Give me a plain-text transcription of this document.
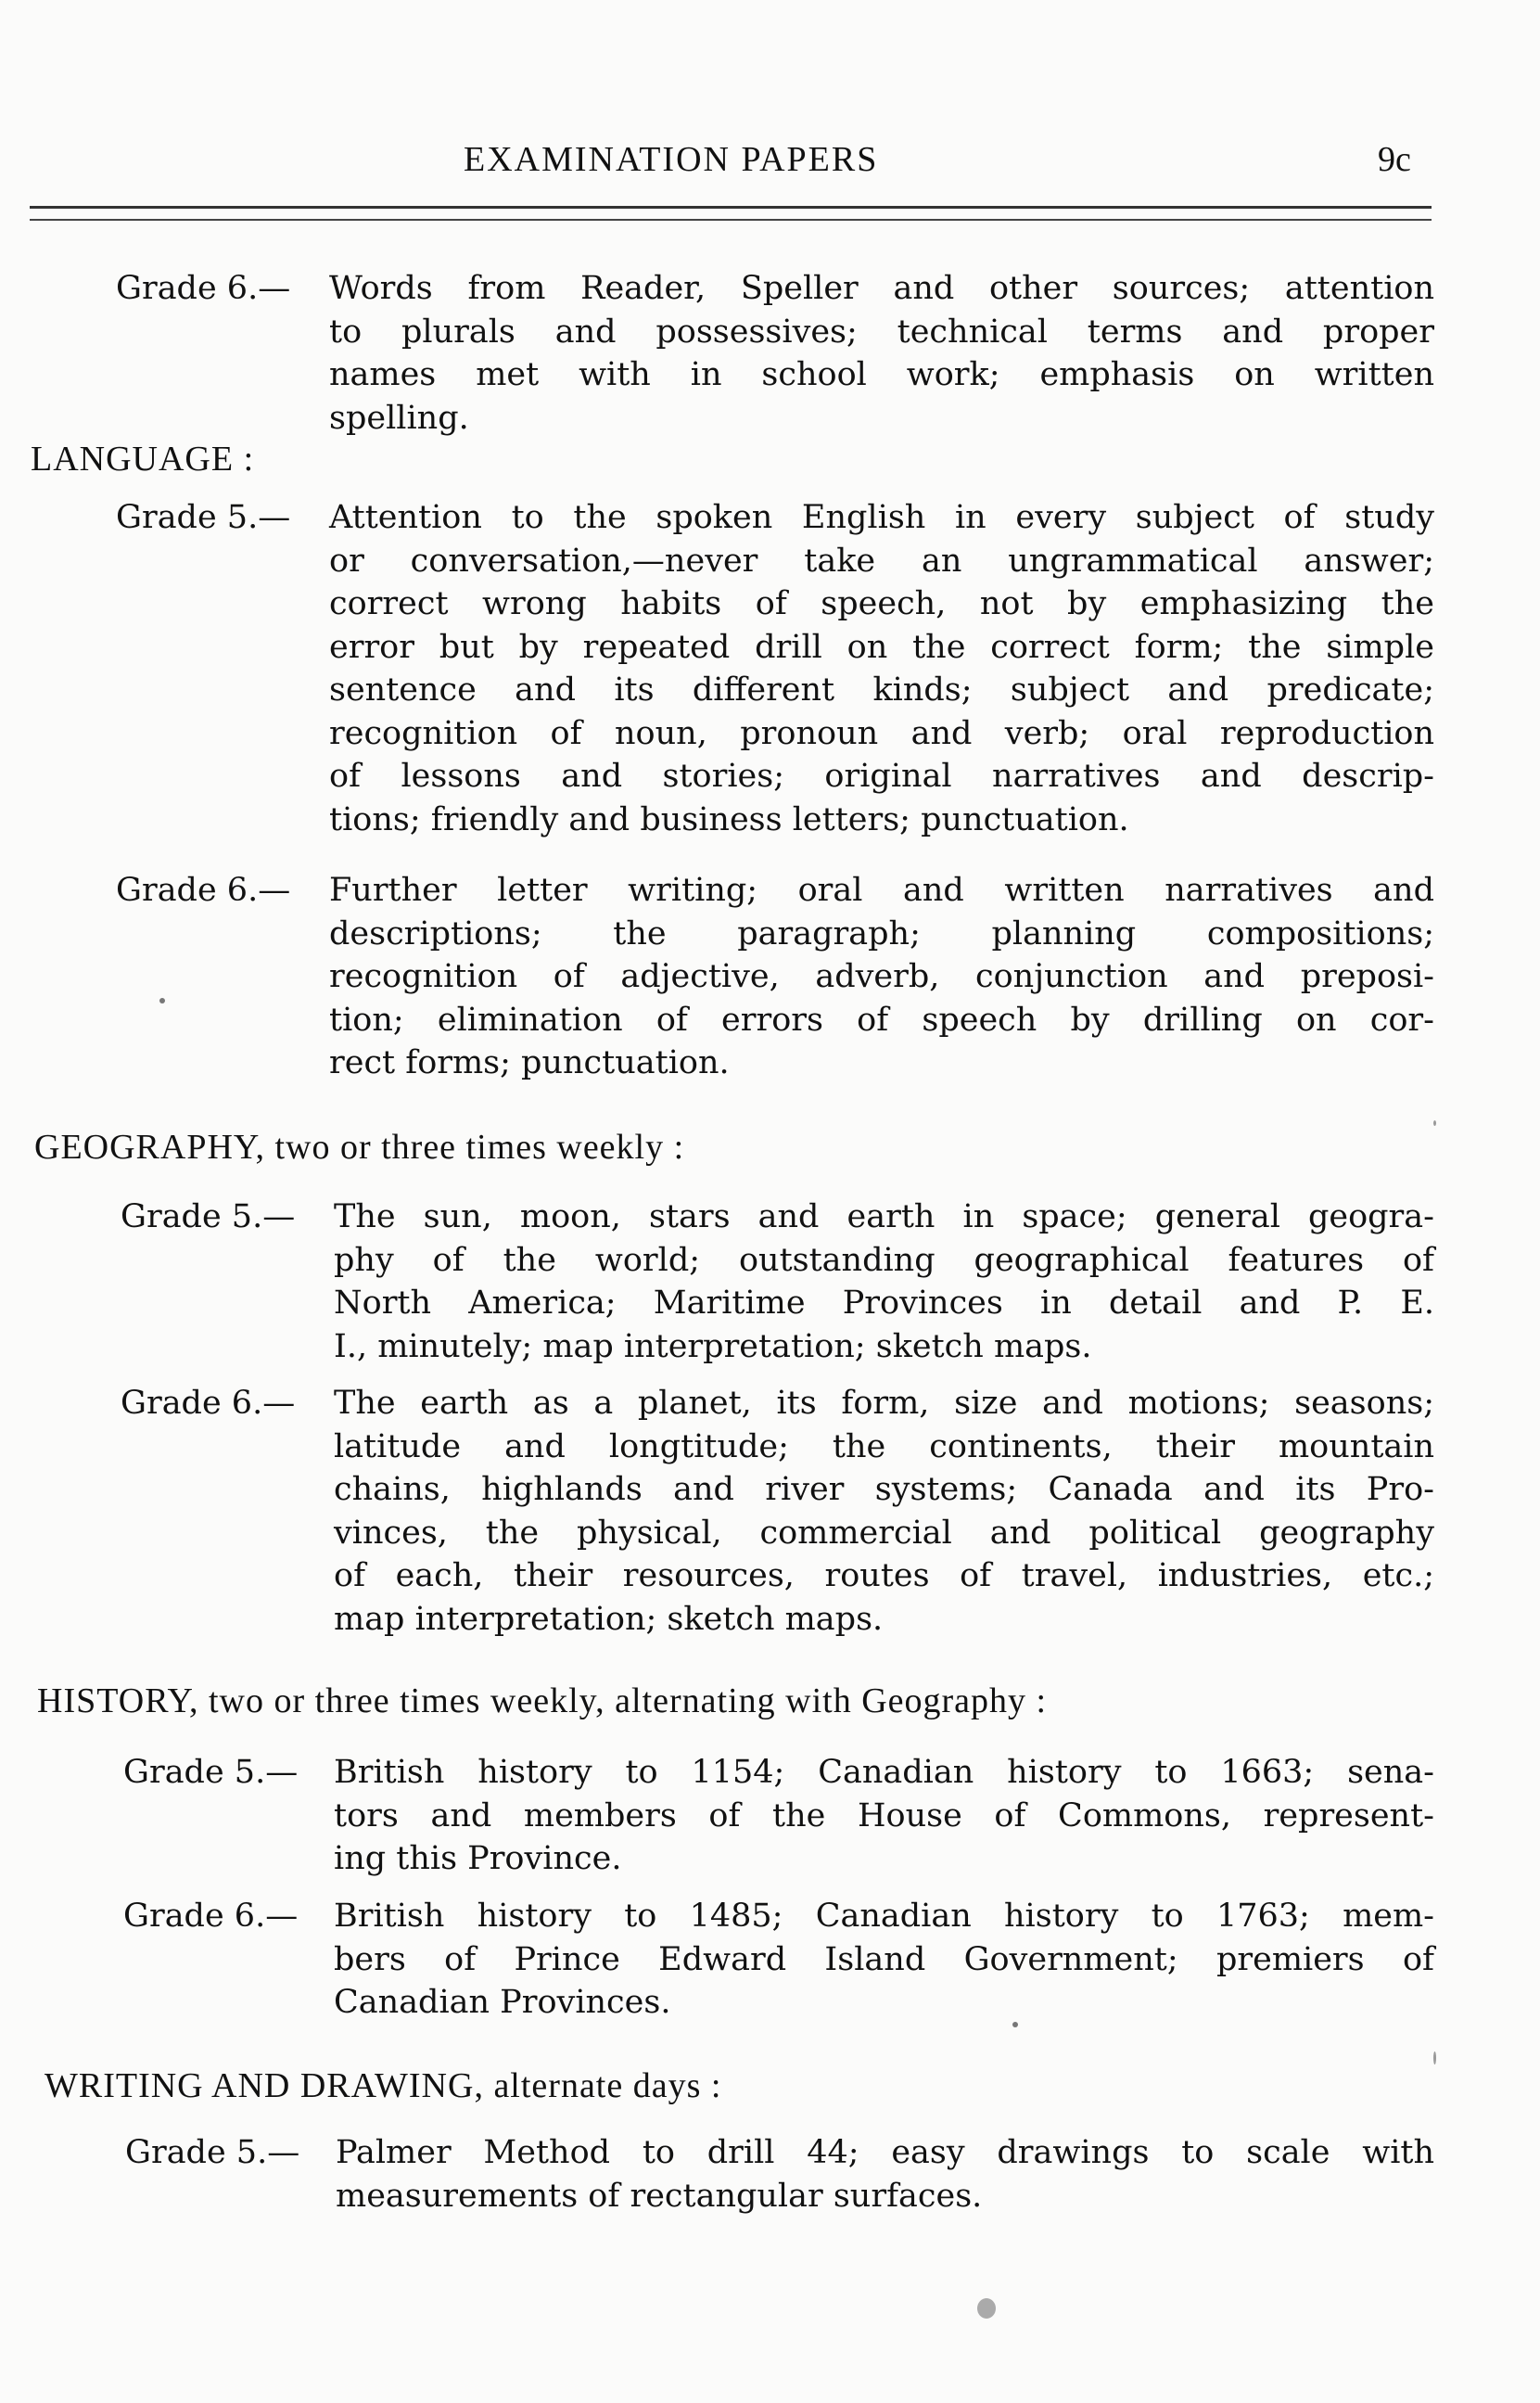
EXAMINATION PAPERS	9c
Grade 6.— Words from Reader, Speller and other sources; attention
to plurals and possessives; technical terms and proper
names met with in school work; emphasis on written
spelling.
LANGUAGE :
Grade 5.— Attention to the spoken English in every subject of study
or conversation,—never take an ungrammatical answer;
correct wrong habits of speech, not by emphasizing the
error but by repeated drill on the correct form; the simple
sentence and its different kinds; subject and predicate;
recognition of noun, pronoun and verb; oral reproduction
of lessons and stories; original narratives and descrip-
tions; friendly and business letters; punctuation.
Grade 6.— Further letter writing; oral and written narratives and
descriptions; the paragraph; planning compositions;
recognition of adjective, adverb, conjunction and preposi-
tion; elimination of errors of speech by drilling on cor-
rect forms; punctuation.
GEOGRAPHY, two or three times weekly :
Grade 5.— The sun, moon, stars and earth in space; general geogra-
phy of the world; outstanding geographical features of
North America; Maritime Provinces in detail and P. E.
I., minutely; map interpretation; sketch maps.
Grade 6.— The earth as a planet, its form, size and motions; seasons;
latitude and longtitude; the continents, their mountain
chains, highlands and river systems; Canada and its Pro-
vinces, the physical, commercial and political geography
of each, their resources, routes of travel, industries, etc.;
map interpretation; sketch maps.
HISTORY, two or three times weekly, alternating with Geography :
Grade 5.— British history to 1154; Canadian history to 1663; sena-
tors and members of the House of Commons, represent-
ing this Province.
Grade 6.— British history to 1485; Canadian history to 1763; mem-
bers of Prince Edward Island Government; premiers of
Canadian Provinces.
WRITING AND DRAWING, alternate days :
Grade 5.— Palmer Method to drill 44; easy drawings to scale with
measurements of rectangular surfaces.
